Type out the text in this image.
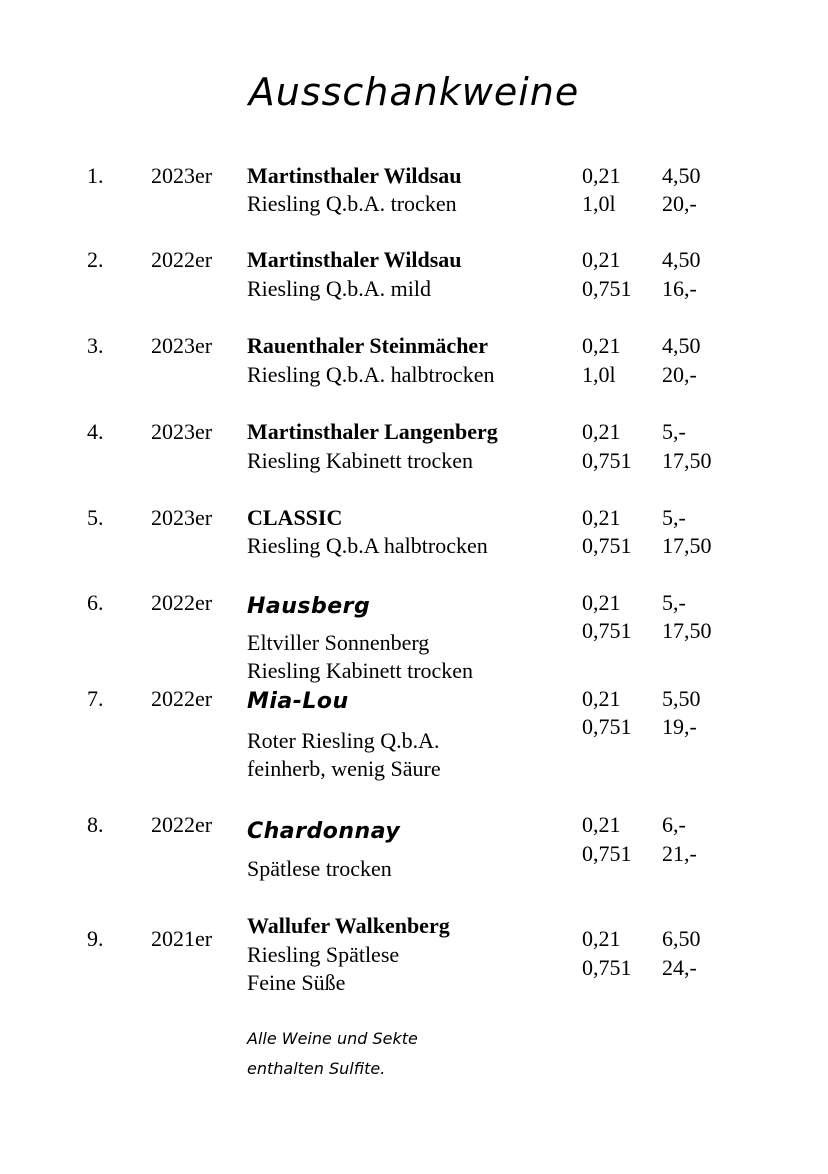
Ausschankweine
1. 2023er Martinsthaler Wildsau
Riesling Q.b.A. trocken
0,21
1,0l
4,50
20,-
2. 2022er Martinsthaler Wildsau
Riesling Q.b.A. mild
0,21
0,751
4,50
16,-
3. 2023er Rauenthaler Steinmächer
Riesling Q.b.A. halbtrocken
0,21
1,0l
4,50
20,-
4. 2023er Martinsthaler Langenberg
Riesling Kabinett trocken
0,21
0,751
5,-
17,50
5. 2023er CLASSIC
Riesling Q.b.A halbtrocken
0,21
0,751
5,-
17,50
6. 2022er Hausberg
Eltviller Sonnenberg
Riesling Kabinett trocken
0,21
0,751
5,-
17,50
7. 2022er Mia-Lou
Roter Riesling Q.b.A.
feinherb, wenig Säure
0,21
0,751
5,50
19,-
8. 2022er Chardonnay
Spätlese trocken
0,21
0,751
6,-
21,-
9. 2021er
Wallufer Walkenberg
Riesling Spätlese
Feine Süße
0,21
0,751
6,50
24,-
Alle Weine und Sekte
enthalten Sulfite.
